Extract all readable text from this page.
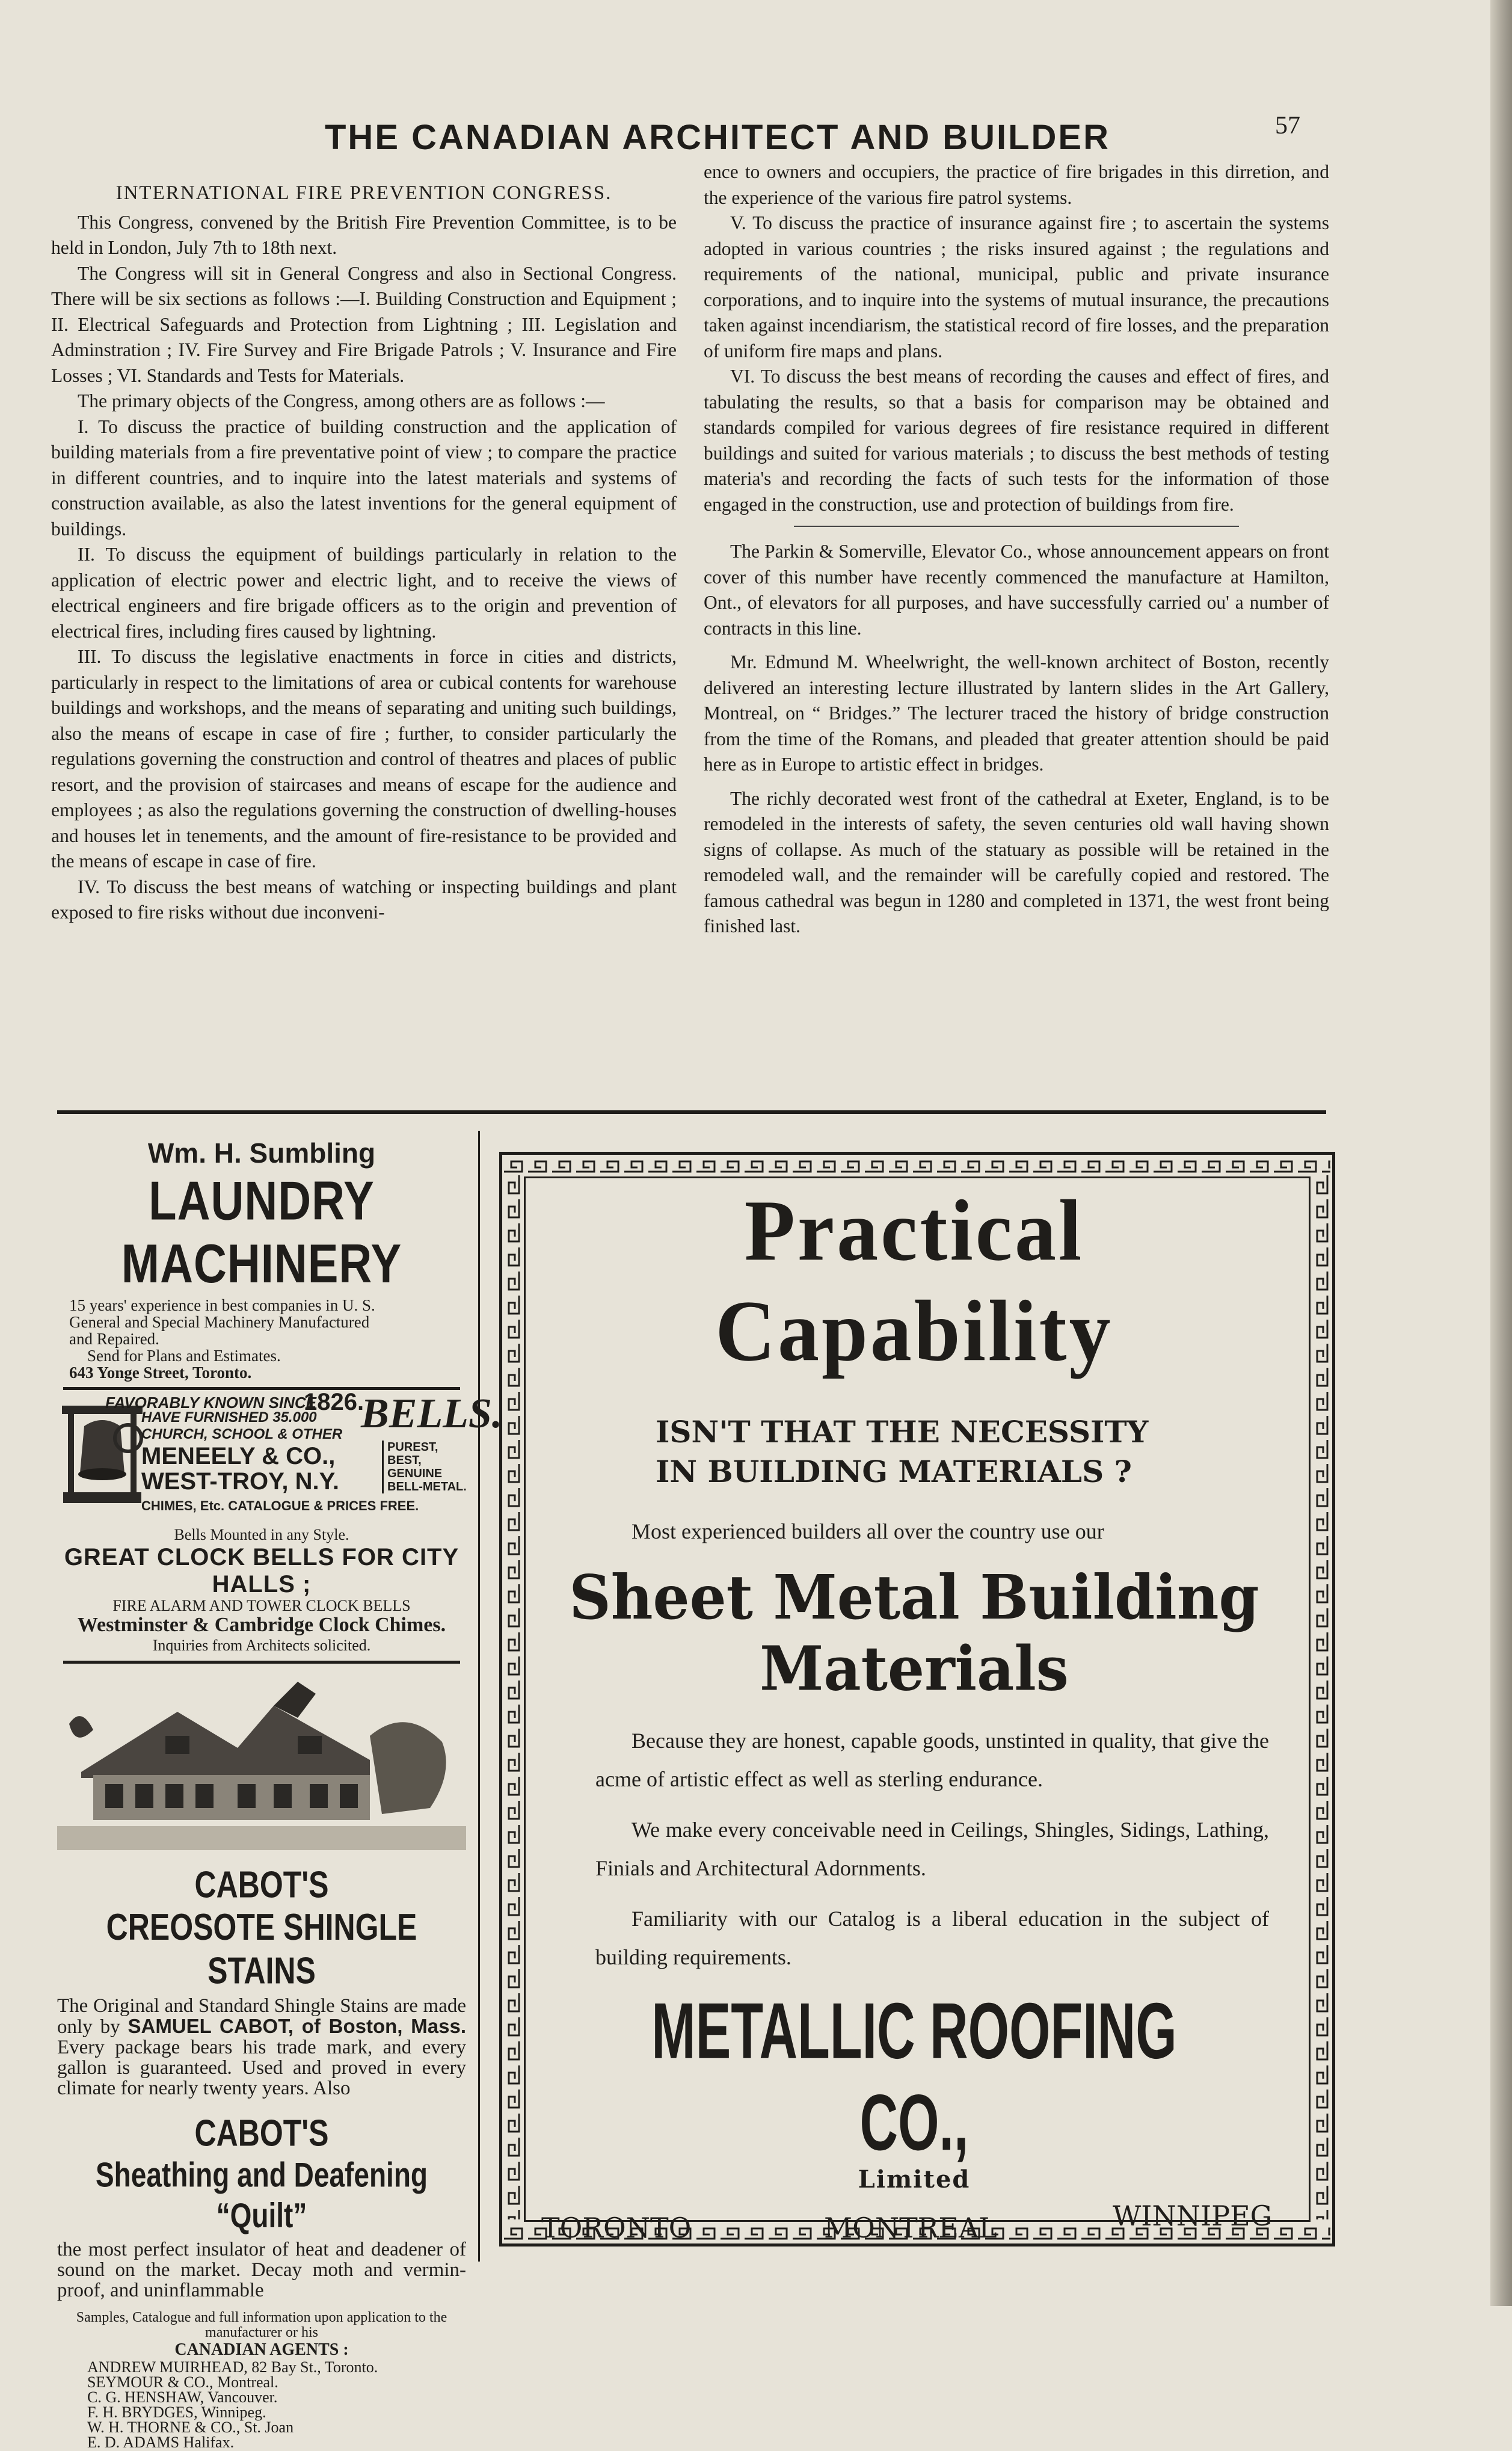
THE CANADIAN ARCHITECT AND BUILDER	57

INTERNATIONAL FIRE PREVENTION CONGRESS.

This Congress, convened by the British Fire Prevention Committee, is to be held in London, July 7th to 18th next.

The Congress will sit in General Congress and also in Sectional Congress. There will be six sections as follows :—I. Building Construction and Equipment ; II. Electrical Safeguards and Protection from Lightning ; III. Legislation and Adminstration ; IV. Fire Survey and Fire Brigade Patrols ; V. Insurance and Fire Losses ; VI. Standards and Tests for Materials.

The primary objects of the Congress, among others are as follows :—

I. To discuss the practice of building construction and the application of building materials from a fire preventative point of view ; to compare the practice in different countries, and to inquire into the latest materials and systems of construction available, as also the latest inventions for the general equipment of buildings.

II. To discuss the equipment of buildings particularly in relation to the application of electric power and electric light, and to receive the views of electrical engineers and fire brigade officers as to the origin and prevention of electrical fires, including fires caused by lightning.

III. To discuss the legislative enactments in force in cities and districts, particularly in respect to the limitations of area or cubical contents for warehouse buildings and workshops, and the means of separating and uniting such buildings, also the means of escape in case of fire ; further, to consider particularly the regulations governing the construction and control of theatres and places of public resort, and the provision of staircases and means of escape for the audience and employees ; as also the regulations governing the construction of dwelling-houses and houses let in tenements, and the amount of fire-resistance to be provided and the means of escape in case of fire.

IV. To discuss the best means of watching or inspecting buildings and plant exposed to fire risks without due inconveni-

ence to owners and occupiers, the practice of fire brigades in this dirretion, and the experience of the various fire patrol systems.

V. To discuss the practice of insurance against fire ; to ascertain the systems adopted in various countries ; the risks insured against ; the regulations and requirements of the national, municipal, public and private insurance corporations, and to inquire into the systems of mutual insurance, the precautions taken against incendiarism, the statistical record of fire losses, and the preparation of uniform fire maps and plans.

VI. To discuss the best means of recording the causes and effect of fires, and tabulating the results, so that a basis for comparison may be obtained and standards compiled for various degrees of fire resistance required in different buildings and suited for various materials ; to discuss the best methods of testing materia's and recording the facts of such tests for the information of those engaged in the construction, use and protection of buildings from fire.

The Parkin & Somerville, Elevator Co., whose announcement appears on front cover of this number have recently commenced the manufacture at Hamilton, Ont., of elevators for all purposes, and have successfully carried ou' a number of contracts in this line.

Mr. Edmund M. Wheelwright, the well-known architect of Boston, recently delivered an interesting lecture illustrated by lantern slides in the Art Gallery, Montreal, on “ Bridges.” The lecturer traced the history of bridge construction from the time of the Romans, and pleaded that greater attention should be paid here as in Europe to artistic effect in bridges.

The richly decorated west front of the cathedral at Exeter, England, is to be remodeled in the interests of safety, the seven centuries old wall having shown signs of collapse. As much of the statuary as possible will be retained in the remodeled wall, and the remainder will be carefully copied and restored. The famous cathedral was begun in 1280 and completed in 1371, the west front being finished last.

Wm. H. Sumbling
LAUNDRY MACHINERY
15 years' experience in best companies in U. S.
General and Special Machinery Manufactured
and Repaired.
Send for Plans and Estimates.
643 Yonge Street, Toronto.
FAVORABLY KNOWN SINCE
1826.
BELLS.
HAVE FURNISHED 35.000
CHURCH, SCHOOL & OTHER
MENEELY & CO.,
WEST-TROY, N.Y.
PUREST, BEST,
GENUINE
BELL-METAL.
CHIMES, Etc. CATALOGUE & PRICES FREE.
Bells Mounted in any Style.
GREAT CLOCK BELLS FOR CITY HALLS ;
FIRE ALARM AND TOWER CLOCK BELLS
Westminster & Cambridge Clock Chimes.
Inquiries from Architects solicited.
CABOT'S
CREOSOTE SHINGLE STAINS
The Original and Standard Shingle Stains are made only by SAMUEL CABOT, of Boston, Mass. Every package bears his trade mark, and every gallon is guaranteed. Used and proved in every climate for nearly twenty years. Also
CABOT'S
Sheathing and Deafening “Quilt”
the most perfect insulator of heat and deadener of sound on the market. Decay moth and vermin-proof, and uninflammable
Samples, Catalogue and full information upon application to the manufacturer or his
CANADIAN AGENTS :
ANDREW MUIRHEAD, 82 Bay St., Toronto.
SEYMOUR & CO., Montreal.
C. G. HENSHAW, Vancouver.
F. H. BRYDGES, Winnipeg.
W. H. THORNE & CO., St. Joan
E. D. ADAMS Halifax.
Practical Capability
ISN'T THAT THE NECESSITY
IN BUILDING MATERIALS ?
Most experienced builders all over the country use our
Sheet Metal Building Materials
Because they are honest, capable goods, unstinted in quality, that give the acme of artistic effect as well as sterling endurance.
We make every conceivable need in Ceilings, Shingles, Sidings, Lathing, Finials and Architectural Adornments.
Familiarity with our Catalog is a liberal education in the subject of building requirements.
METALLIC ROOFING CO.,
Limited
TORONTO	MONTREAL	WINNIPEG
